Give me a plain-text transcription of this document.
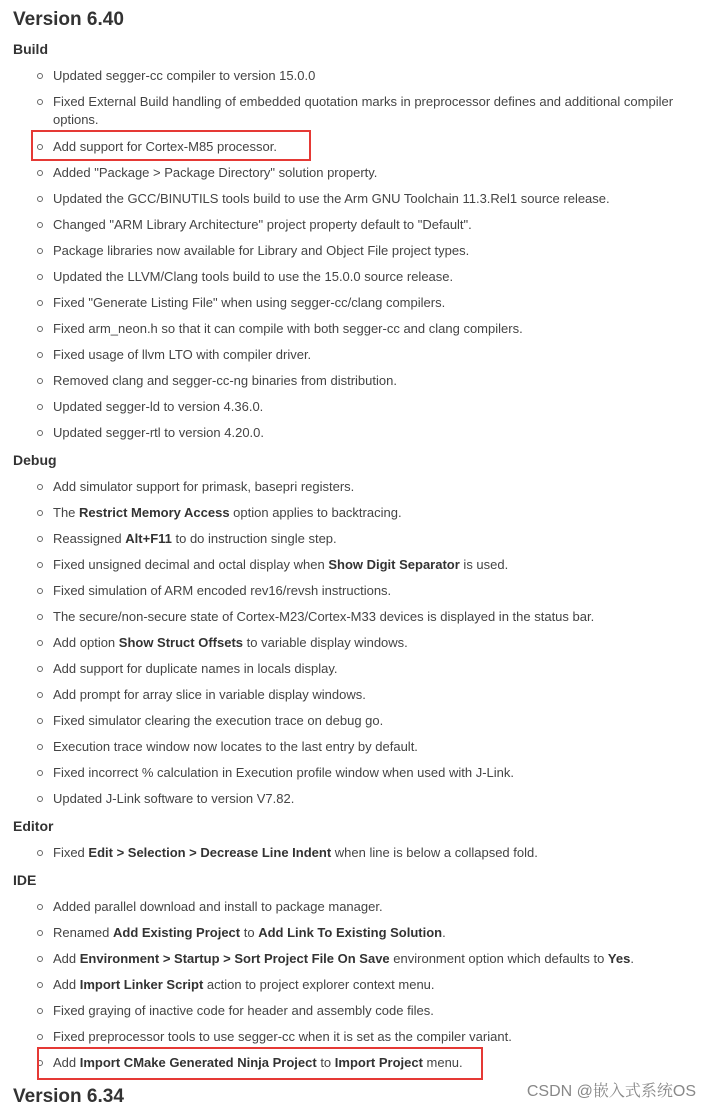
Version 6.40
Build
Updated segger-cc compiler to version 15.0.0
Fixed External Build handling of embedded quotation marks in preprocessor defines and additional compiler options.
Add support for Cortex-M85 processor.
Added "Package > Package Directory" solution property.
Updated the GCC/BINUTILS tools build to use the Arm GNU Toolchain 11.3.Rel1 source release.
Changed "ARM Library Architecture" project property default to "Default".
Package libraries now available for Library and Object File project types.
Updated the LLVM/Clang tools build to use the 15.0.0 source release.
Fixed "Generate Listing File" when using segger-cc/clang compilers.
Fixed arm_neon.h so that it can compile with both segger-cc and clang compilers.
Fixed usage of llvm LTO with compiler driver.
Removed clang and segger-cc-ng binaries from distribution.
Updated segger-ld to version 4.36.0.
Updated segger-rtl to version 4.20.0.
Debug
Add simulator support for primask, basepri registers.
The Restrict Memory Access option applies to backtracing.
Reassigned Alt+F11 to do instruction single step.
Fixed unsigned decimal and octal display when Show Digit Separator is used.
Fixed simulation of ARM encoded rev16/revsh instructions.
The secure/non-secure state of Cortex-M23/Cortex-M33 devices is displayed in the status bar.
Add option Show Struct Offsets to variable display windows.
Add support for duplicate names in locals display.
Add prompt for array slice in variable display windows.
Fixed simulator clearing the execution trace on debug go.
Execution trace window now locates to the last entry by default.
Fixed incorrect % calculation in Execution profile window when used with J-Link.
Updated J-Link software to version V7.82.
Editor
Fixed Edit > Selection > Decrease Line Indent when line is below a collapsed fold.
IDE
Added parallel download and install to package manager.
Renamed Add Existing Project to Add Link To Existing Solution.
Add Environment > Startup > Sort Project File On Save environment option which defaults to Yes.
Add Import Linker Script action to project explorer context menu.
Fixed graying of inactive code for header and assembly code files.
Fixed preprocessor tools to use segger-cc when it is set as the compiler variant.
Add Import CMake Generated Ninja Project to Import Project menu.
Version 6.34	CSDN @嵌入式系统OS
